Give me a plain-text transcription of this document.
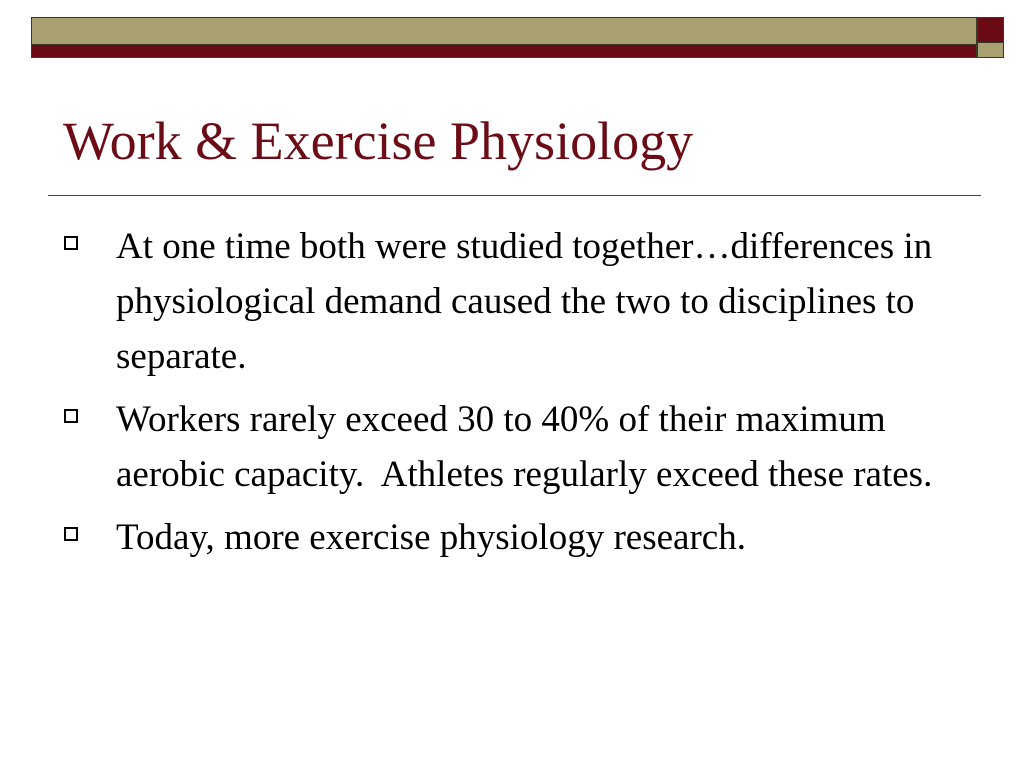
Work & Exercise Physiology
At one time both were studied together…differences in physiological demand caused the two to disciplines to separate.
Workers rarely exceed 30 to 40% of their maximum aerobic capacity.  Athletes regularly exceed these rates.
Today, more exercise physiology research.
